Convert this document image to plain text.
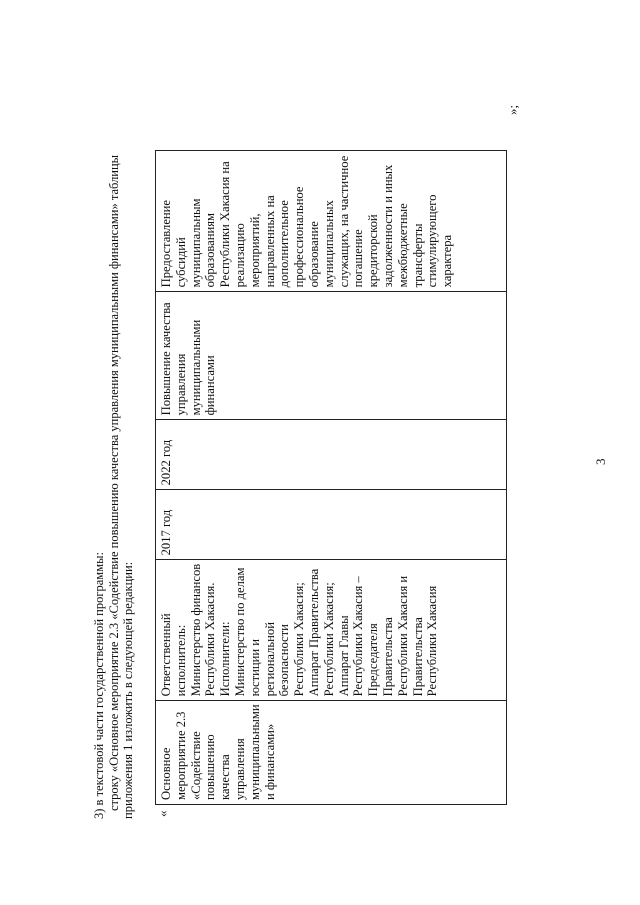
3
3) в текстовой части государственной программы: строку «Основное мероприятие 2.3 «Содействие повышению качества управления муниципальными финансами» таблицы приложения 1 изложить в следующей редакции: «
Основное мероприятие 2.3 «Содействие повышению качества управления муниципальными и финансами»	Ответственный исполнитель: Министерство финансов Республики Хакасия. Исполнители: Министерство по делам юстиции и региональной безопасности Республики Хакасия; Аппарат Правительства Республики Хакасия; Аппарат Главы Республики Хакасия – Председателя Правительства Республики Хакасия и Правительства Республики Хакасия	2017 год	2022 год	Повышение качества управления муниципальными финансами	Предоставление субсидий муниципальным образованиям Республики Хакасия на реализацию мероприятий, направленных на дополнительное профессиональное образование муниципальных служащих, на частичное погашение кредиторской задолженности и иных межбюджетные трансферты стимулирующего характера
»;
